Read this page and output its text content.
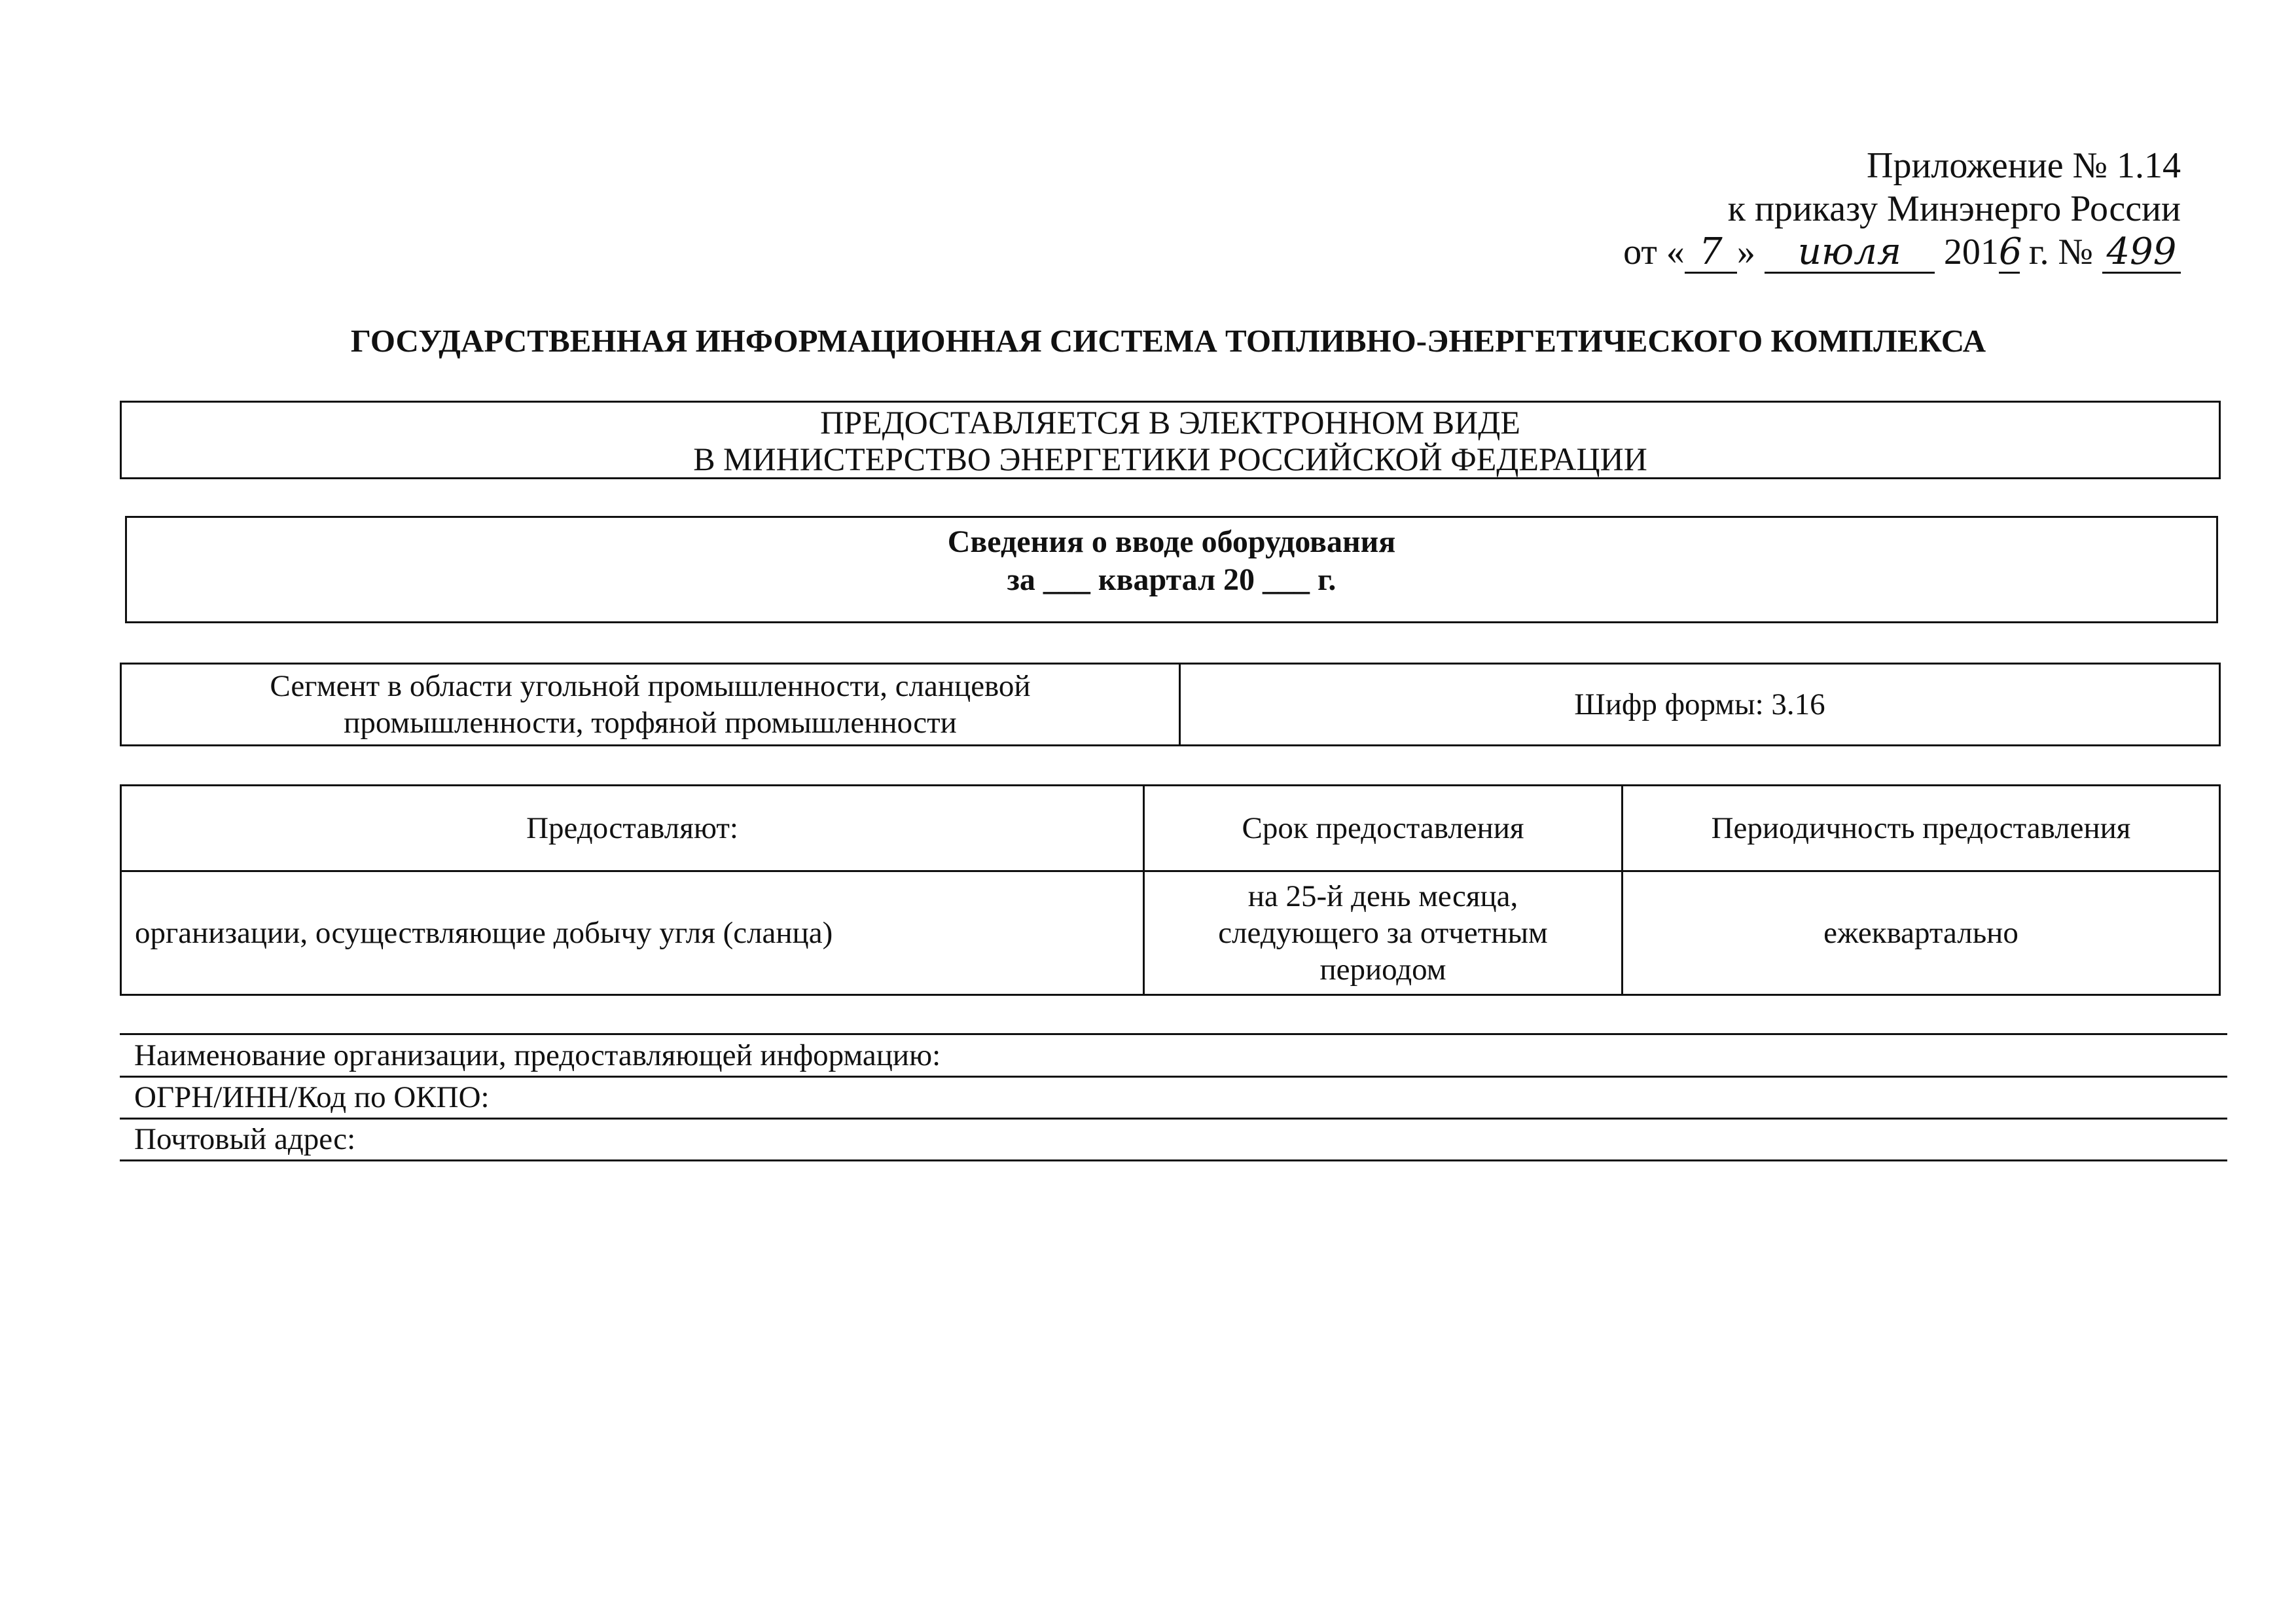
Приложение № 1.14
к приказу Минэнерго России
от « 7 » июля 2016 г. № 499
ГОСУДАРСТВЕННАЯ ИНФОРМАЦИОННАЯ СИСТЕМА ТОПЛИВНО-ЭНЕРГЕТИЧЕСКОГО КОМПЛЕКСА
ПРЕДОСТАВЛЯЕТСЯ В ЭЛЕКТРОННОМ ВИДЕ
В МИНИСТЕРСТВО ЭНЕРГЕТИКИ РОССИЙСКОЙ ФЕДЕРАЦИИ
Сведения о вводе оборудования
за ___ квартал 20 ___ г.
Сегмент в области угольной промышленности, сланцевой промышленности, торфяной промышленности	Шифр формы: 3.16
Предоставляют:	Срок предоставления	Периодичность предоставления
организации, осуществляющие добычу угля (сланца)	на 25-й день месяца, следующего за отчетным периодом	ежеквартально
Наименование организации, предоставляющей информацию:
ОГРН/ИНН/Код по ОКПО:
Почтовый адрес:
